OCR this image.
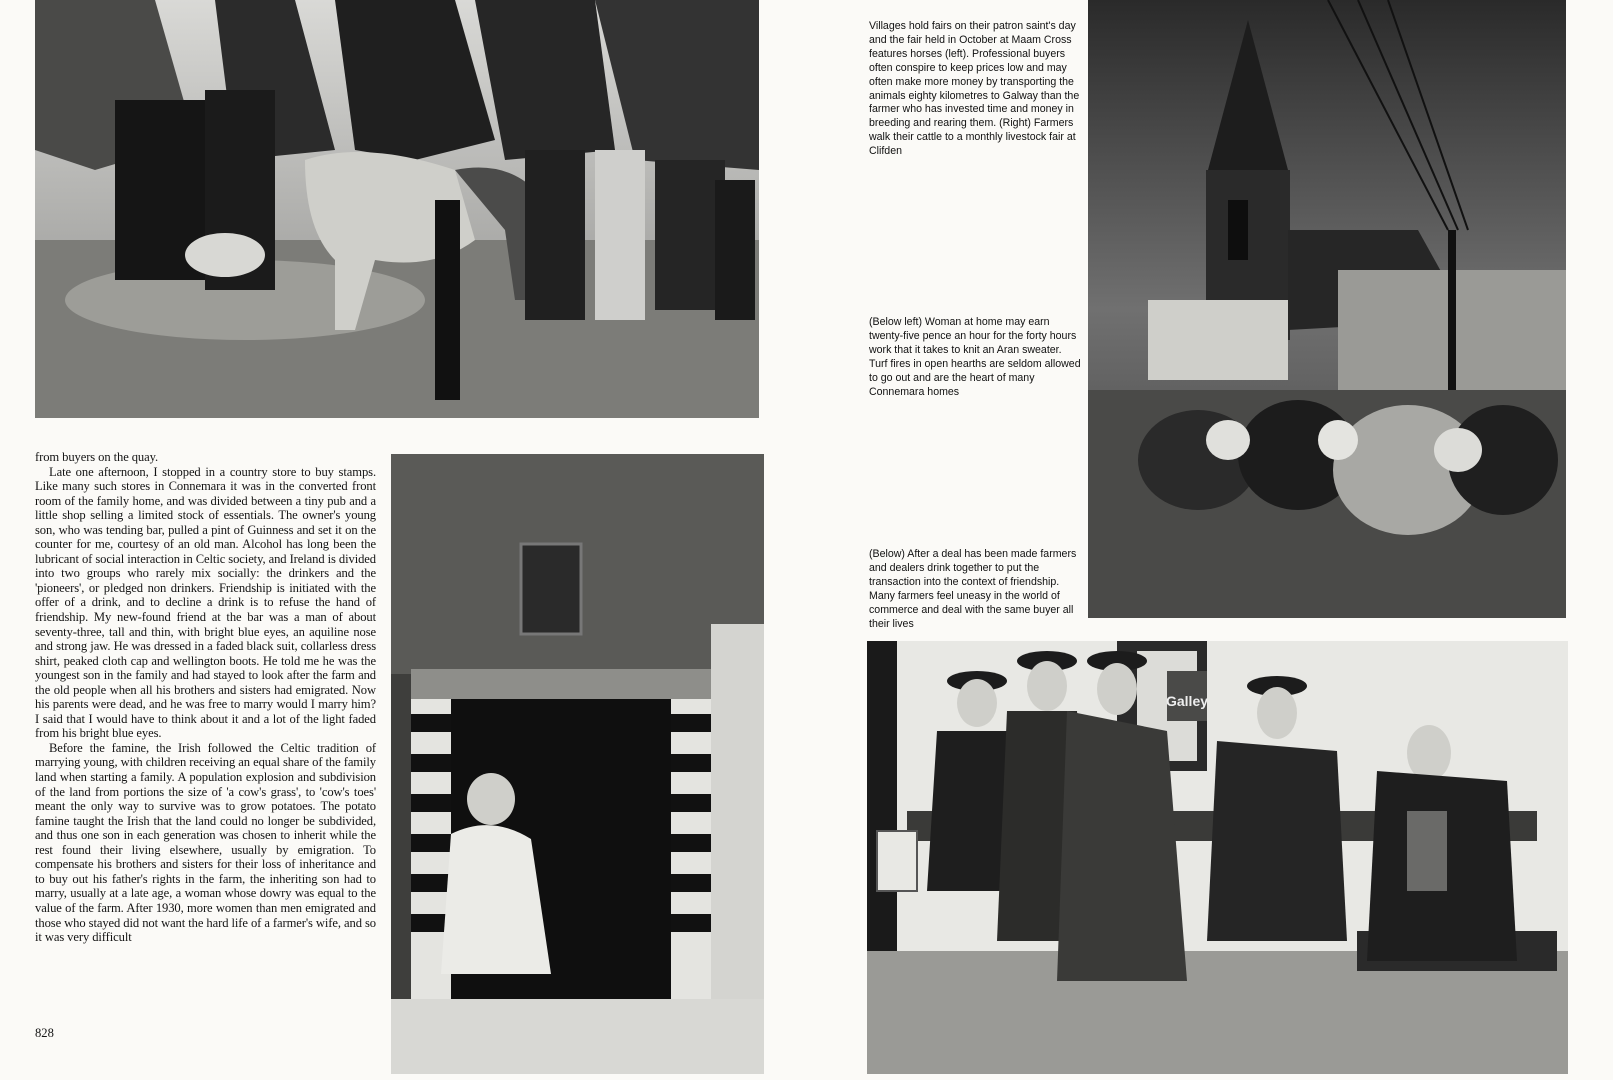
Galley

Villages hold fairs on their patron saint's day and the fair held in October at Maam Cross features horses (left). Professional buyers often conspire to keep prices low and may often make more money by transporting the animals eighty kilometres to Galway than the farmer who has invested time and money in breeding and rearing them. (Right) Farmers walk their cattle to a monthly livestock fair at Clifden

(Below left) Woman at home may earn twenty-five pence an hour for the forty hours work that it takes to knit an Aran sweater. Turf fires in open hearths are seldom allowed to go out and are the heart of many Connemara homes

(Below) After a deal has been made farmers and dealers drink together to put the transaction into the context of friendship. Many farmers feel uneasy in the world of commerce and deal with the same buyer all their lives

from buyers on the quay.

Late one afternoon, I stopped in a country store to buy stamps. Like many such stores in Connemara it was in the converted front room of the family home, and was divided between a tiny pub and a little shop selling a limited stock of essentials. The owner's young son, who was tending bar, pulled a pint of Guinness and set it on the counter for me, courtesy of an old man. Alcohol has long been the lubricant of social interaction in Celtic society, and Ireland is divided into two groups who rarely mix socially: the drinkers and the 'pioneers', or pledged non drinkers. Friendship is initiated with the offer of a drink, and to decline a drink is to refuse the hand of friendship. My new-found friend at the bar was a man of about seventy-three, tall and thin, with bright blue eyes, an aquiline nose and strong jaw. He was dressed in a faded black suit, collarless dress shirt, peaked cloth cap and wellington boots. He told me he was the youngest son in the family and had stayed to look after the farm and the old people when all his brothers and sisters had emigrated. Now his parents were dead, and he was free to marry would I marry him? I said that I would have to think about it and a lot of the light faded from his bright blue eyes.

Before the famine, the Irish followed the Celtic tradition of marrying young, with children receiving an equal share of the family land when starting a family. A population explosion and subdivision of the land from portions the size of 'a cow's grass', to 'cow's toes' meant the only way to survive was to grow potatoes. The potato famine taught the Irish that the land could no longer be subdivided, and thus one son in each generation was chosen to inherit while the rest found their living elsewhere, usually by emigration. To compensate his brothers and sisters for their loss of inheritance and to buy out his father's rights in the farm, the inheriting son had to marry, usually at a late age, a woman whose dowry was equal to the value of the farm. After 1930, more women than men emigrated and those who stayed did not want the hard life of a farmer's wife, and so it was very difficult

828
